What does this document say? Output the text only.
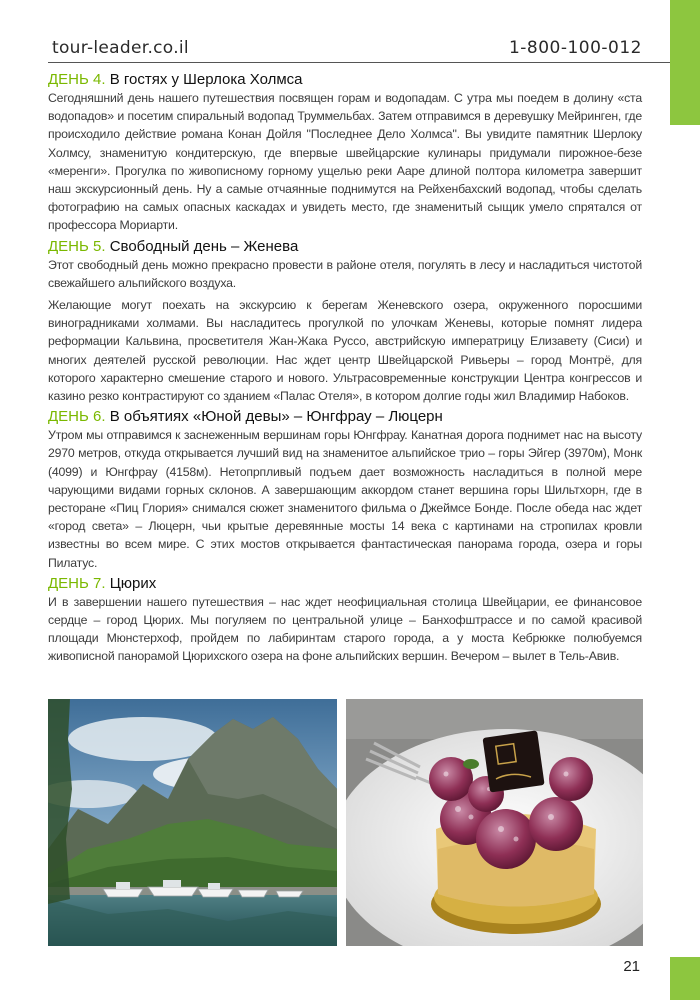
tour-leader.co.il	1-800-100-012
ДЕНЬ 4. В гостях у Шерлока Холмса

Сегодняшний день нашего путешествия посвящен горам и водопадам. С утра мы поедем в долину «ста водопадов» и посетим спиральный водопад Труммельбах. Затем отправимся в деревушку Мейринген, где происходило действие романа Конан Дойля "Последнее Дело Холмса". Вы увидите памятник Шерлоку Холмсу, знаменитую кондитерскую, где впервые швейцарские кулинары придумали пирожное-безе «меренги». Прогулка по живописному горному ущелью реки Ааре длиной полтора километра завершит наш экскурсионный день. Ну а самые отчаянные поднимутся на Рейхенбахский водопад, чтобы сделать фотографию на самых опасных каскадах и увидеть место, где знаменитый сыщик умело спрятался от профессора Мориарти.

ДЕНЬ 5. Свободный день – Женева

Этот свободный день можно прекрасно провести в районе отеля, погулять в лесу и насладиться чистотой свежайшего альпийского воздуха.

Желающие могут поехать на экскурсию к берегам Женевского озера, окруженного поросшими виноградниками холмами. Вы насладитесь прогулкой по улочкам Женевы, которые помнят лидера реформации Кальвина, просветителя Жан-Жака Руссо, австрийскую императрицу Елизавету (Сиси) и многих деятелей русской революции. Нас ждет центр Швейцарской Ривьеры – город Монтрё, для которого характерно смешение старого и нового. Ультрасовременные конструкции Центра конгрессов и казино резко контрастируют со зданием «Палас Отеля», в котором долгие годы жил Владимир Набоков.

ДЕНЬ 6. В объятиях «Юной девы» – Юнгфрау – Люцерн

Утром мы отправимся к заснеженным вершинам горы Юнгфрау. Канатная дорога поднимет нас на высоту 2970 метров, откуда открывается лучший вид на знаменитое альпийское трио – горы Эйгер (3970м), Монк (4099) и Юнгфрау (4158м). Нетопрпливый подъем дает возможность насладиться в полной мере чарующими видами горных склонов. А завершающим аккордом станет вершина горы Шильтхорн, где в ресторане «Пиц Глория» снимался сюжет знаменитого фильма о Джеймсе Бонде. После обеда нас ждет «город света» – Люцерн, чьи крытые деревянные мосты 14 века с картинами на стропилах кровли известны во всем мире. С этих мостов открывается фантастическая панорама города, озера и горы Пилатус.

ДЕНЬ 7. Цюрих

И в завершении нашего путешествия – нас ждет неофициальная столица Швейцарии, ее финансовое сердце – город Цюрих. Мы погуляем по центральной улице – Банхофштрассе и по самой красивой площади Мюнстерхоф, пройдем по лабиринтам старого города, а у моста Кебрюкке полюбуемся живописной панорамой Цюрихского озера на фоне альпийских вершин. Вечером – вылет в Тель-Авив.

21
